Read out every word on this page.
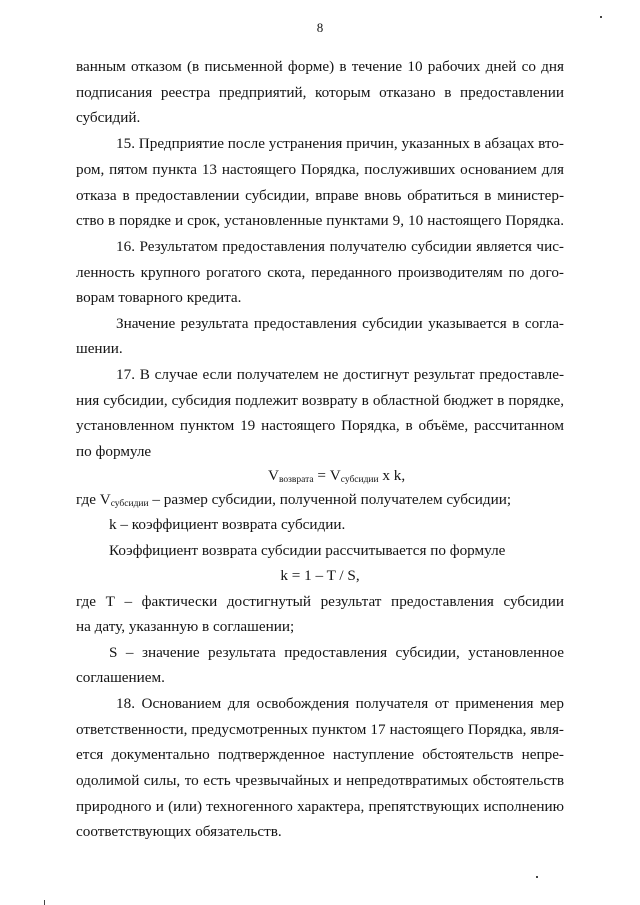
8
ванным отказом (в письменной форме) в течение 10 рабочих дней со дня
подписания реестра предприятий, которым отказано в предоставлении
субсидий.
15. Предприятие после устранения причин, указанных в абзацах вто-
ром, пятом пункта 13 настоящего Порядка, послуживших основанием для
отказа в предоставлении субсидии, вправе вновь обратиться в министер-
ство в порядке и срок, установленные пунктами 9, 10 настоящего Порядка.
16. Результатом предоставления получателю субсидии является чис-
ленность крупного рогатого скота, переданного производителям по дого-
ворам товарного кредита.
Значение результата предоставления субсидии указывается в согла-
шении.
17. В случае если получателем не достигнут результат предоставле-
ния субсидии, субсидия подлежит возврату в областной бюджет в порядке,
установленном пунктом 19 настоящего Порядка, в объёме, рассчитанном
по формуле
$V_{возврата} = V_{субсидии}$ x k,
где $V_{субсидии}$ – размер субсидии, полученной получателем субсидии;
k – коэффициент возврата субсидии.
Коэффициент возврата субсидии рассчитывается по формуле
k = 1 – T / S,
где Т – фактически достигнутый результат предоставления субсидии
на дату, указанную в соглашении;
S – значение результата предоставления субсидии, установленное
соглашением.
18. Основанием для освобождения получателя от применения мер
ответственности, предусмотренных пунктом 17 настоящего Порядка, явля-
ется документально подтвержденное наступление обстоятельств непре-
одолимой силы, то есть чрезвычайных и непредотвратимых обстоятельств
природного и (или) техногенного характера, препятствующих исполнению
соответствующих обязательств.
